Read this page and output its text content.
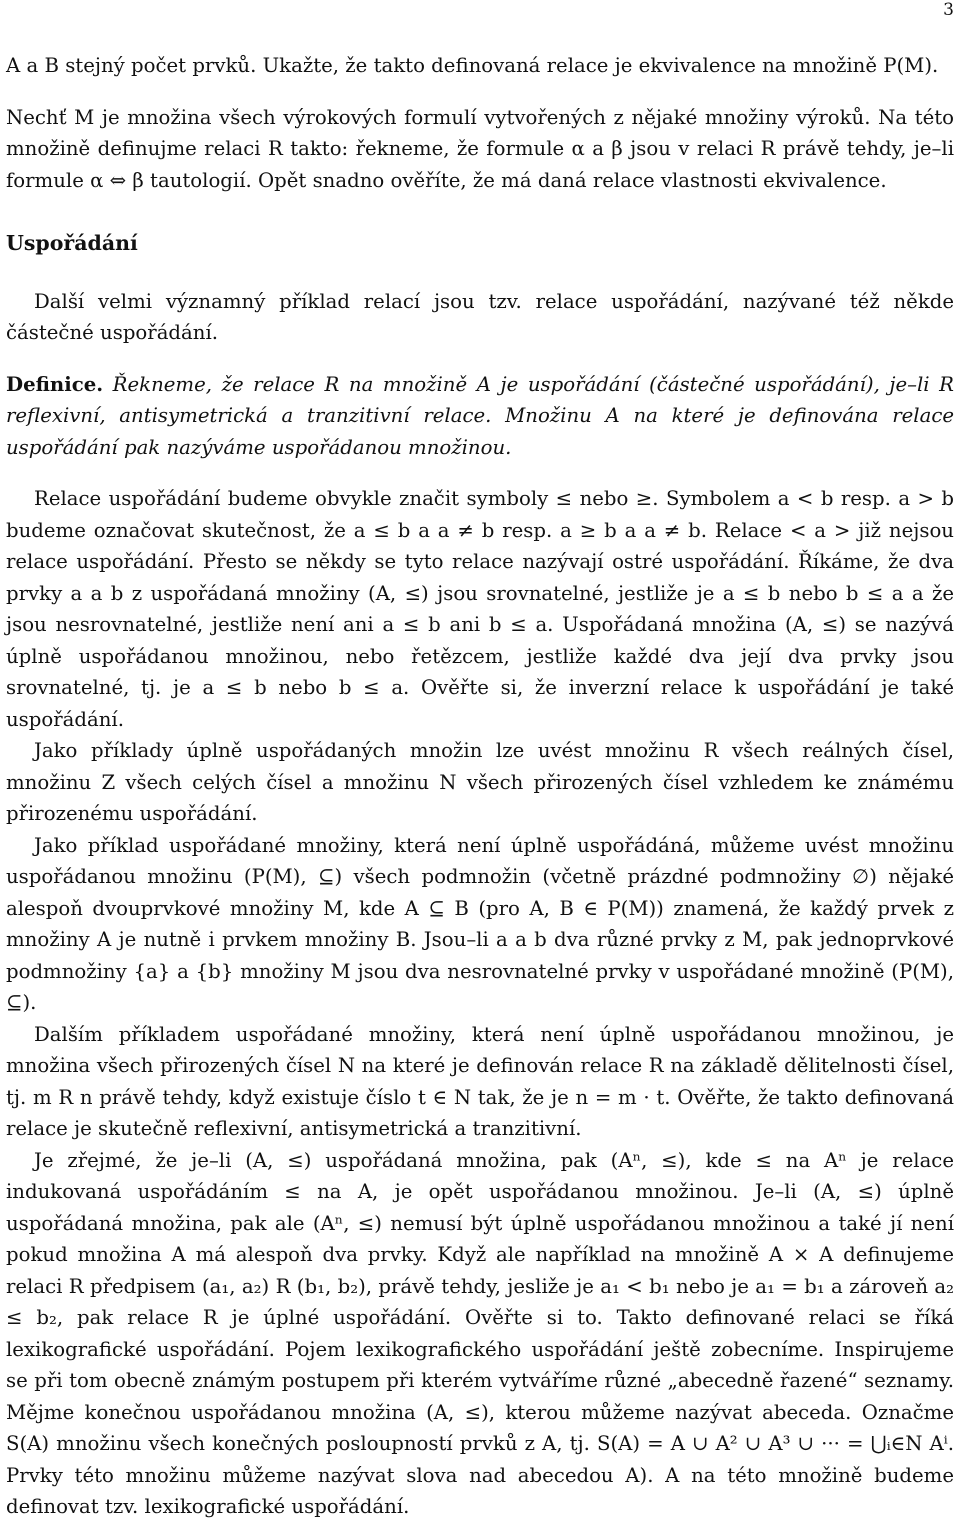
3

A a B stejný počet prvků. Ukažte, že takto definovaná relace je ekvivalence na množině P(M).

Nechť M je množina všech výrokových formulí vytvořených z nějaké množiny výroků. Na této množině definujme relaci R takto: řekneme, že formule α a β jsou v relaci R právě tehdy, je–li formule α ⇔ β tautologií. Opět snadno ověříte, že má daná relace vlastnosti ekvivalence.

Uspořádání

Další velmi významný příklad relací jsou tzv. relace uspořádání, nazývané též někde částečné uspořádání.

Definice. Řekneme, že relace R na množině A je uspořádání (částečné uspořádání), je–li R reflexivní, antisymetrická a tranzitivní relace. Množinu A na které je definována relace uspořádání pak nazýváme uspořádanou množinou.

Relace uspořádání budeme obvykle značit symboly ≤ nebo ≥. Symbolem a < b resp. a > b budeme označovat skutečnost, že a ≤ b a a ≠ b resp. a ≥ b a a ≠ b. Relace < a > již nejsou relace uspořádání. Přesto se někdy se tyto relace nazývají ostré uspořádání. Říkáme, že dva prvky a a b z uspořádaná množiny (A, ≤) jsou srovnatelné, jestliže je a ≤ b nebo b ≤ a a že jsou nesrovnatelné, jestliže není ani a ≤ b ani b ≤ a. Uspořádaná množina (A, ≤) se nazývá úplně uspořádanou množinou, nebo řetězcem, jestliže každé dva její dva prvky jsou srovnatelné, tj. je a ≤ b nebo b ≤ a. Ověřte si, že inverzní relace k uspořádání je také uspořádání.

Jako příklady úplně uspořádaných množin lze uvést množinu R všech reálných čísel, množinu Z všech celých čísel a množinu N všech přirozených čísel vzhledem ke známému přirozenému uspořádání.

Jako příklad uspořádané množiny, která není úplně uspořádáná, můžeme uvést množinu uspořádanou množinu (P(M), ⊆) všech podmnožin (včetně prázdné podmnožiny ∅) nějaké alespoň dvouprvkové množiny M, kde A ⊆ B (pro A, B ∈ P(M)) znamená, že každý prvek z množiny A je nutně i prvkem množiny B. Jsou–li a a b dva různé prvky z M, pak jednoprvkové podmnožiny {a} a {b} množiny M jsou dva nesrovnatelné prvky v uspořádané množině (P(M), ⊆).

Dalším příkladem uspořádané množiny, která není úplně uspořádanou množinou, je množina všech přirozených čísel N na které je definován relace R na základě dělitelnosti čísel, tj. m R n právě tehdy, když existuje číslo t ∈ N tak, že je n = m · t. Ověřte, že takto definovaná relace je skutečně reflexivní, antisymetrická a tranzitivní.

Je zřejmé, že je–li (A, ≤) uspořádaná množina, pak (Aⁿ, ≤), kde ≤ na Aⁿ je relace indukovaná uspořádáním ≤ na A, je opět uspořádanou množinou. Je–li (A, ≤) úplně uspořádaná množina, pak ale (Aⁿ, ≤) nemusí být úplně uspořádanou množinou a také jí není pokud množina A má alespoň dva prvky. Když ale například na množině A × A definujeme relaci R předpisem (a₁, a₂) R (b₁, b₂), právě tehdy, jesliže je a₁ < b₁ nebo je a₁ = b₁ a zároveň a₂ ≤ b₂, pak relace R je úplné uspořádání. Ověřte si to. Takto definované relaci se říká lexikografické uspořádání. Pojem lexikografického uspořádání ještě zobecníme. Inspirujeme se při tom obecně známým postupem při kterém vytváříme různé „abecedně řazené“ seznamy. Mějme konečnou uspořádanou množina (A, ≤), kterou můžeme nazývat abeceda. Označme S(A) množinu všech konečných posloupností prvků z A, tj. S(A) = A ∪ A² ∪ A³ ∪ ··· = ⋃ᵢ∈N Aⁱ. Prvky této množinu můžeme nazývat slova nad abecedou A). A na této množině budeme definovat tzv. lexikografické uspořádání.
